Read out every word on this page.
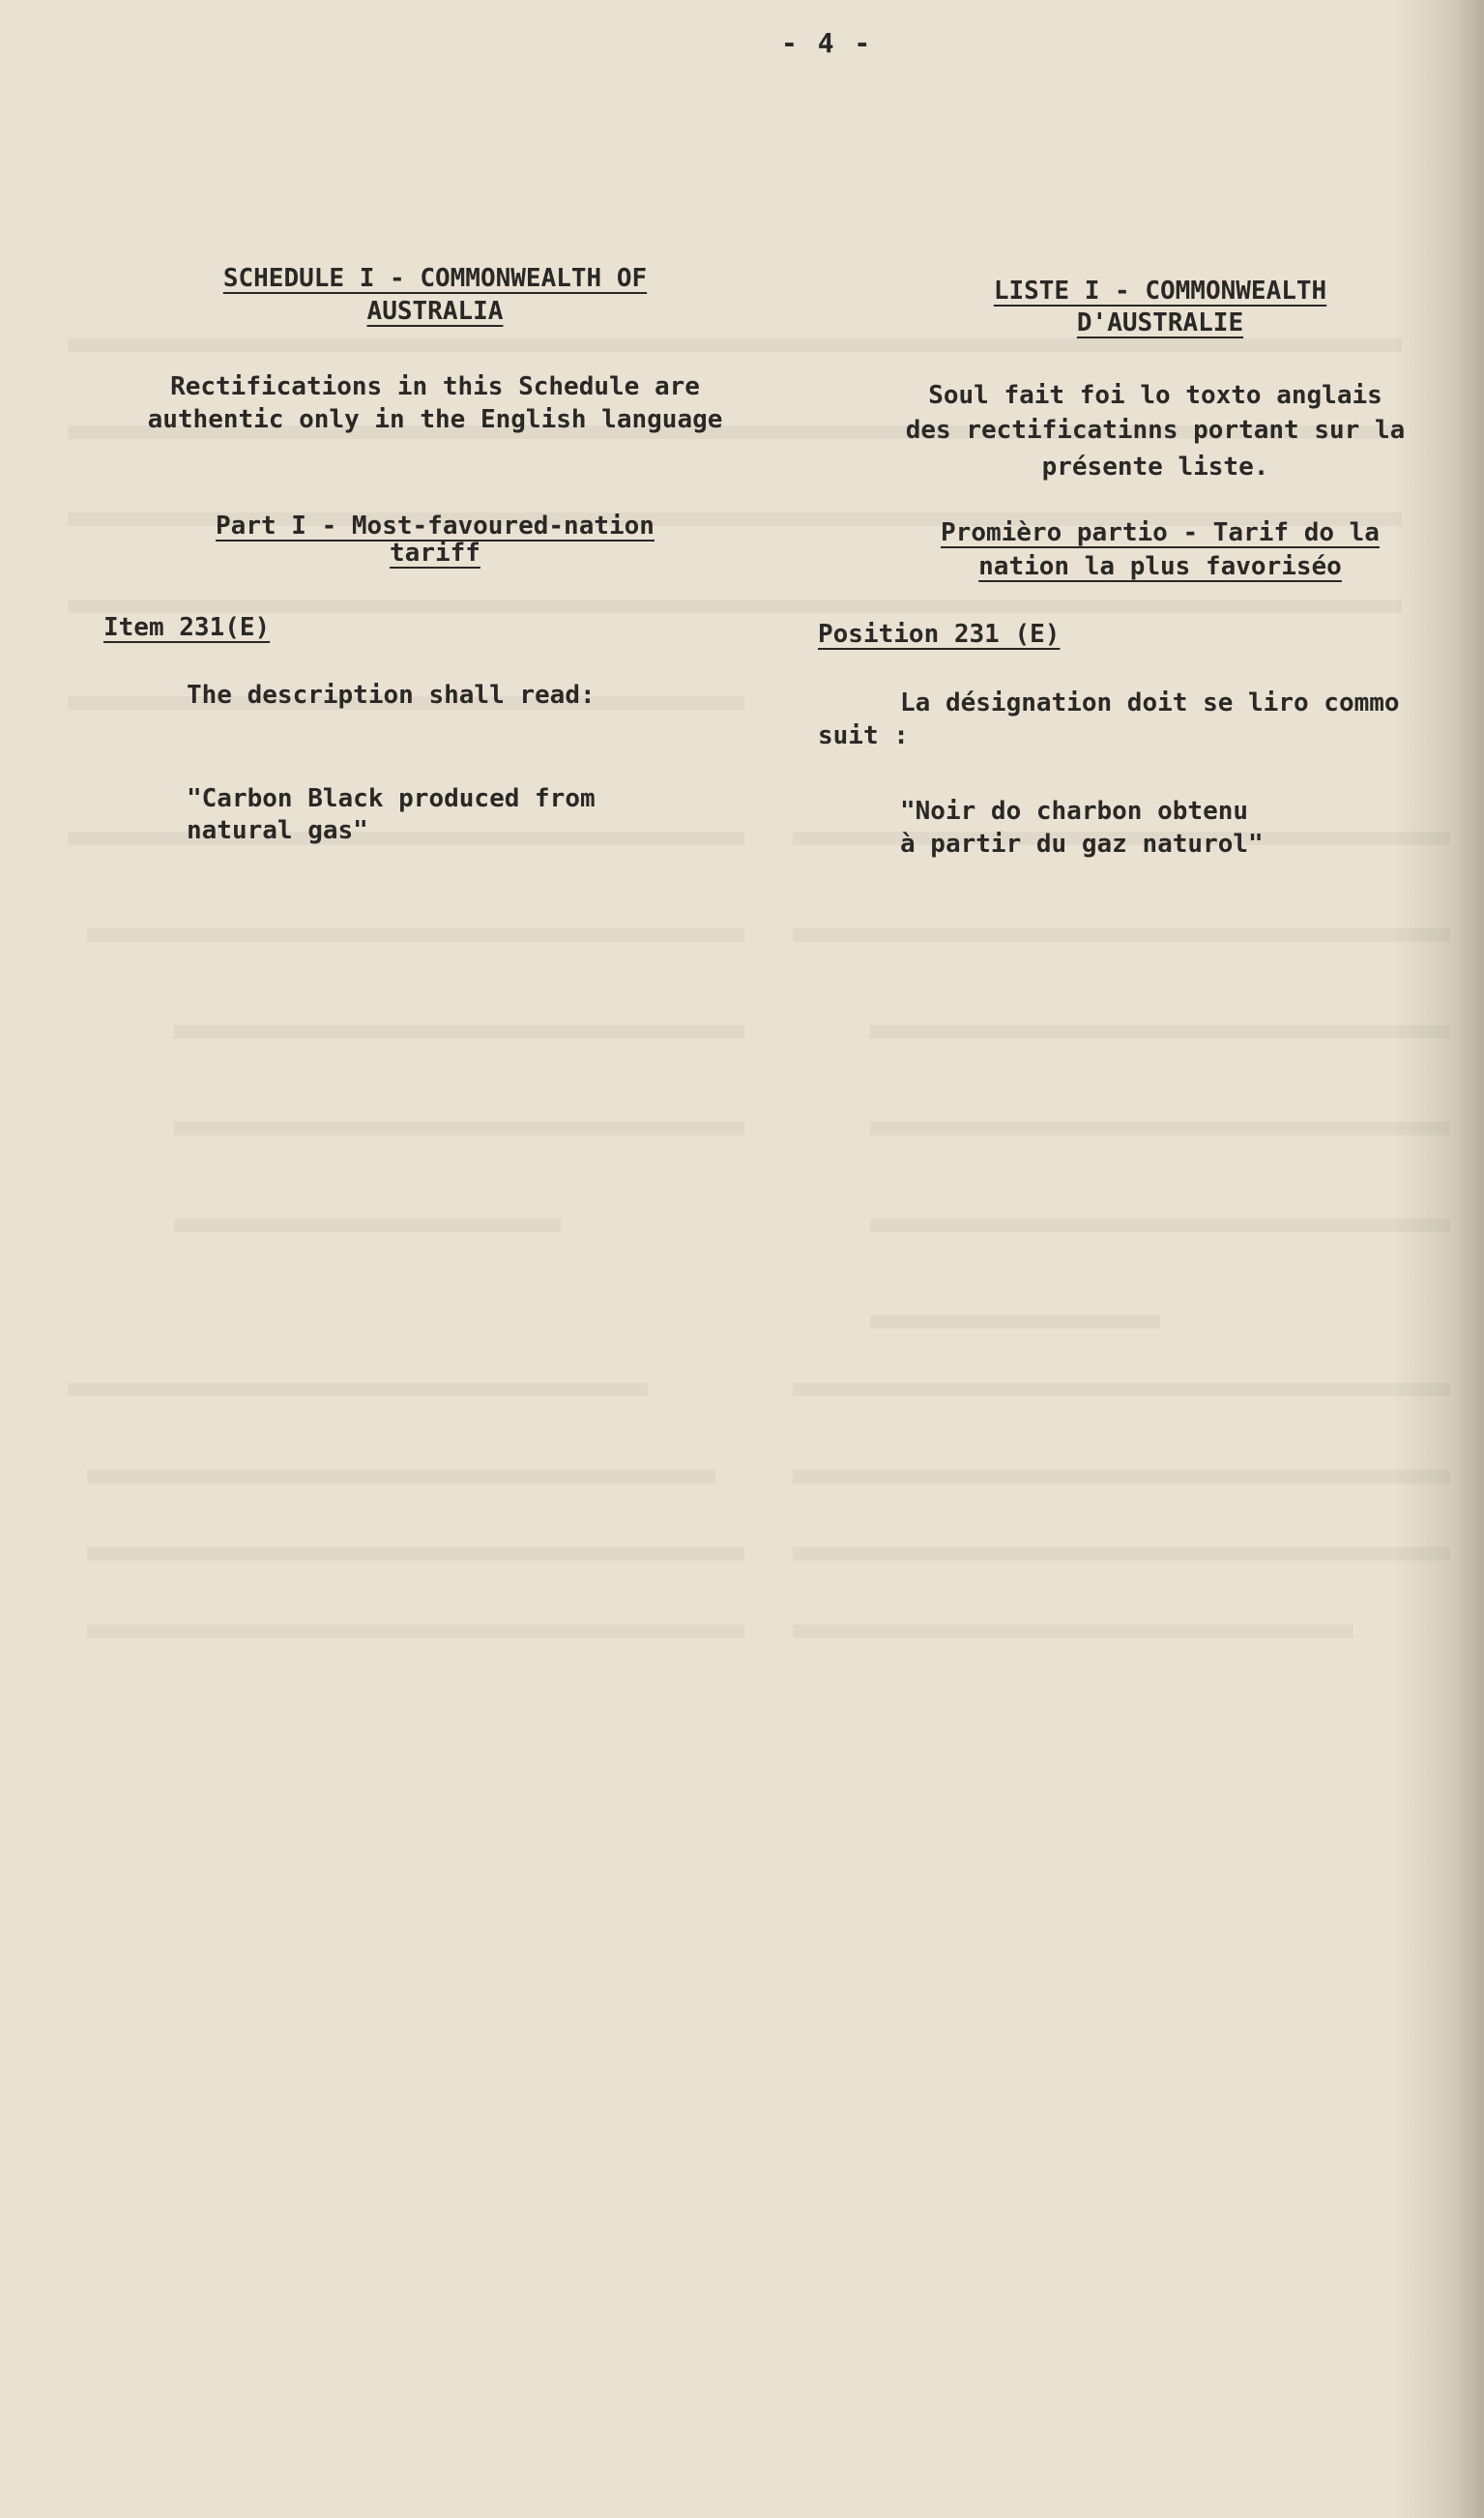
- 4 -
SCHEDULE I - COMMONWEALTH OF
AUSTRALIA
Rectifications in this Schedule are
authentic only in the English language
Part I - Most-favoured-nation
tariff
Item 231(E)
The description shall read:
"Carbon Black produced from
natural gas"
LISTE I - COMMONWEALTH
D'AUSTRALIE
Soul fait foi lo toxto anglais
des rectificatinns portant sur la
présente liste.
Promièro partio - Tarif do la
nation la plus favoriséo
Position 231 (E)
La désignation doit se liro commo
suit :
"Noir do charbon obtenu
à partir du gaz naturol"
